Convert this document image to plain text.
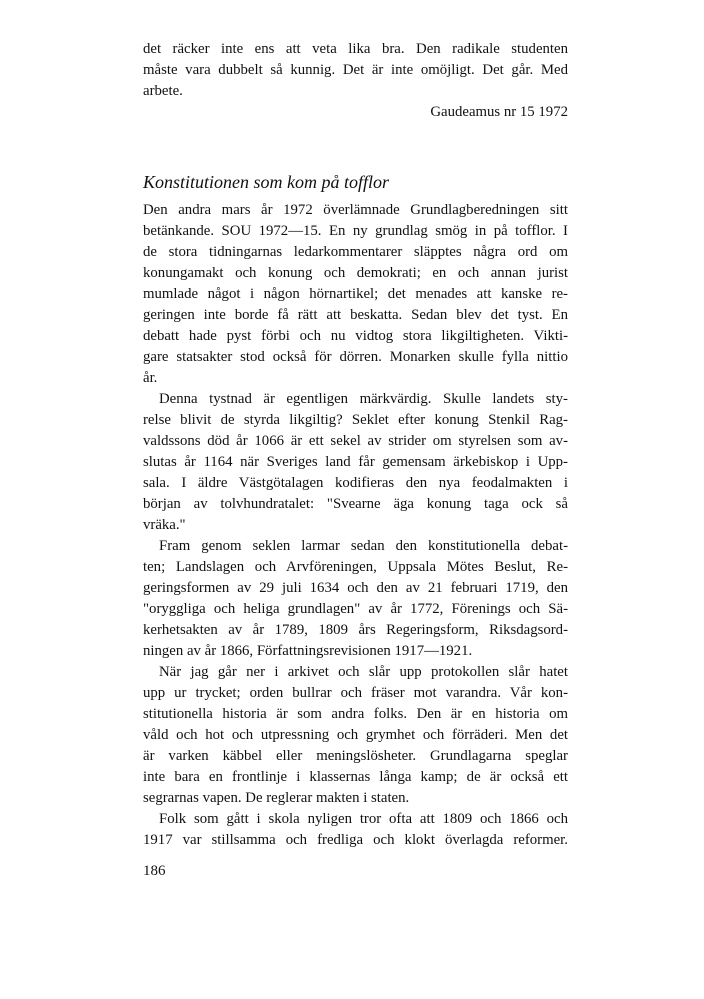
det räcker inte ens att veta lika bra. Den radikale studenten
måste vara dubbelt så kunnig. Det är inte omöjligt. Det går. Med
arbete.
Gaudeamus nr 15 1972
Konstitutionen som kom på tofflor
Den andra mars år 1972 överlämnade Grundlagberedningen sitt
betänkande. SOU 1972—15. En ny grundlag smög in på tofflor. I
de stora tidningarnas ledarkommentarer släpptes några ord om
konungamakt och konung och demokrati; en och annan jurist
mumlade något i någon hörnartikel; det menades att kanske re-
geringen inte borde få rätt att beskatta. Sedan blev det tyst. En
debatt hade pyst förbi och nu vidtog stora likgiltigheten. Vikti-
gare statsakter stod också för dörren. Monarken skulle fylla nittio
år.
Denna tystnad är egentligen märkvärdig. Skulle landets sty-
relse blivit de styrda likgiltig? Seklet efter konung Stenkil Rag-
valdssons död år 1066 är ett sekel av strider om styrelsen som av-
slutas år 1164 när Sveriges land får gemensam ärkebiskop i Upp-
sala. I äldre Västgötalagen kodifieras den nya feodalmakten i
början av tolvhundratalet: "Svearne äga konung taga ock så
vräka."
Fram genom seklen larmar sedan den konstitutionella debat-
ten; Landslagen och Arvföreningen, Uppsala Mötes Beslut, Re-
geringsformen av 29 juli 1634 och den av 21 februari 1719, den
"oryggliga och heliga grundlagen" av år 1772, Förenings och Sä-
kerhetsakten av år 1789, 1809 års Regeringsform, Riksdagsord-
ningen av år 1866, Författningsrevisionen 1917—1921.
När jag går ner i arkivet och slår upp protokollen slår hatet
upp ur trycket; orden bullrar och fräser mot varandra. Vår kon-
stitutionella historia är som andra folks. Den är en historia om
våld och hot och utpressning och grymhet och förräderi. Men det
är varken käbbel eller meningslösheter. Grundlagarna speglar
inte bara en frontlinje i klassernas långa kamp; de är också ett
segrarnas vapen. De reglerar makten i staten.
Folk som gått i skola nyligen tror ofta att 1809 och 1866 och
1917 var stillsamma och fredliga och klokt överlagda reformer.
186
